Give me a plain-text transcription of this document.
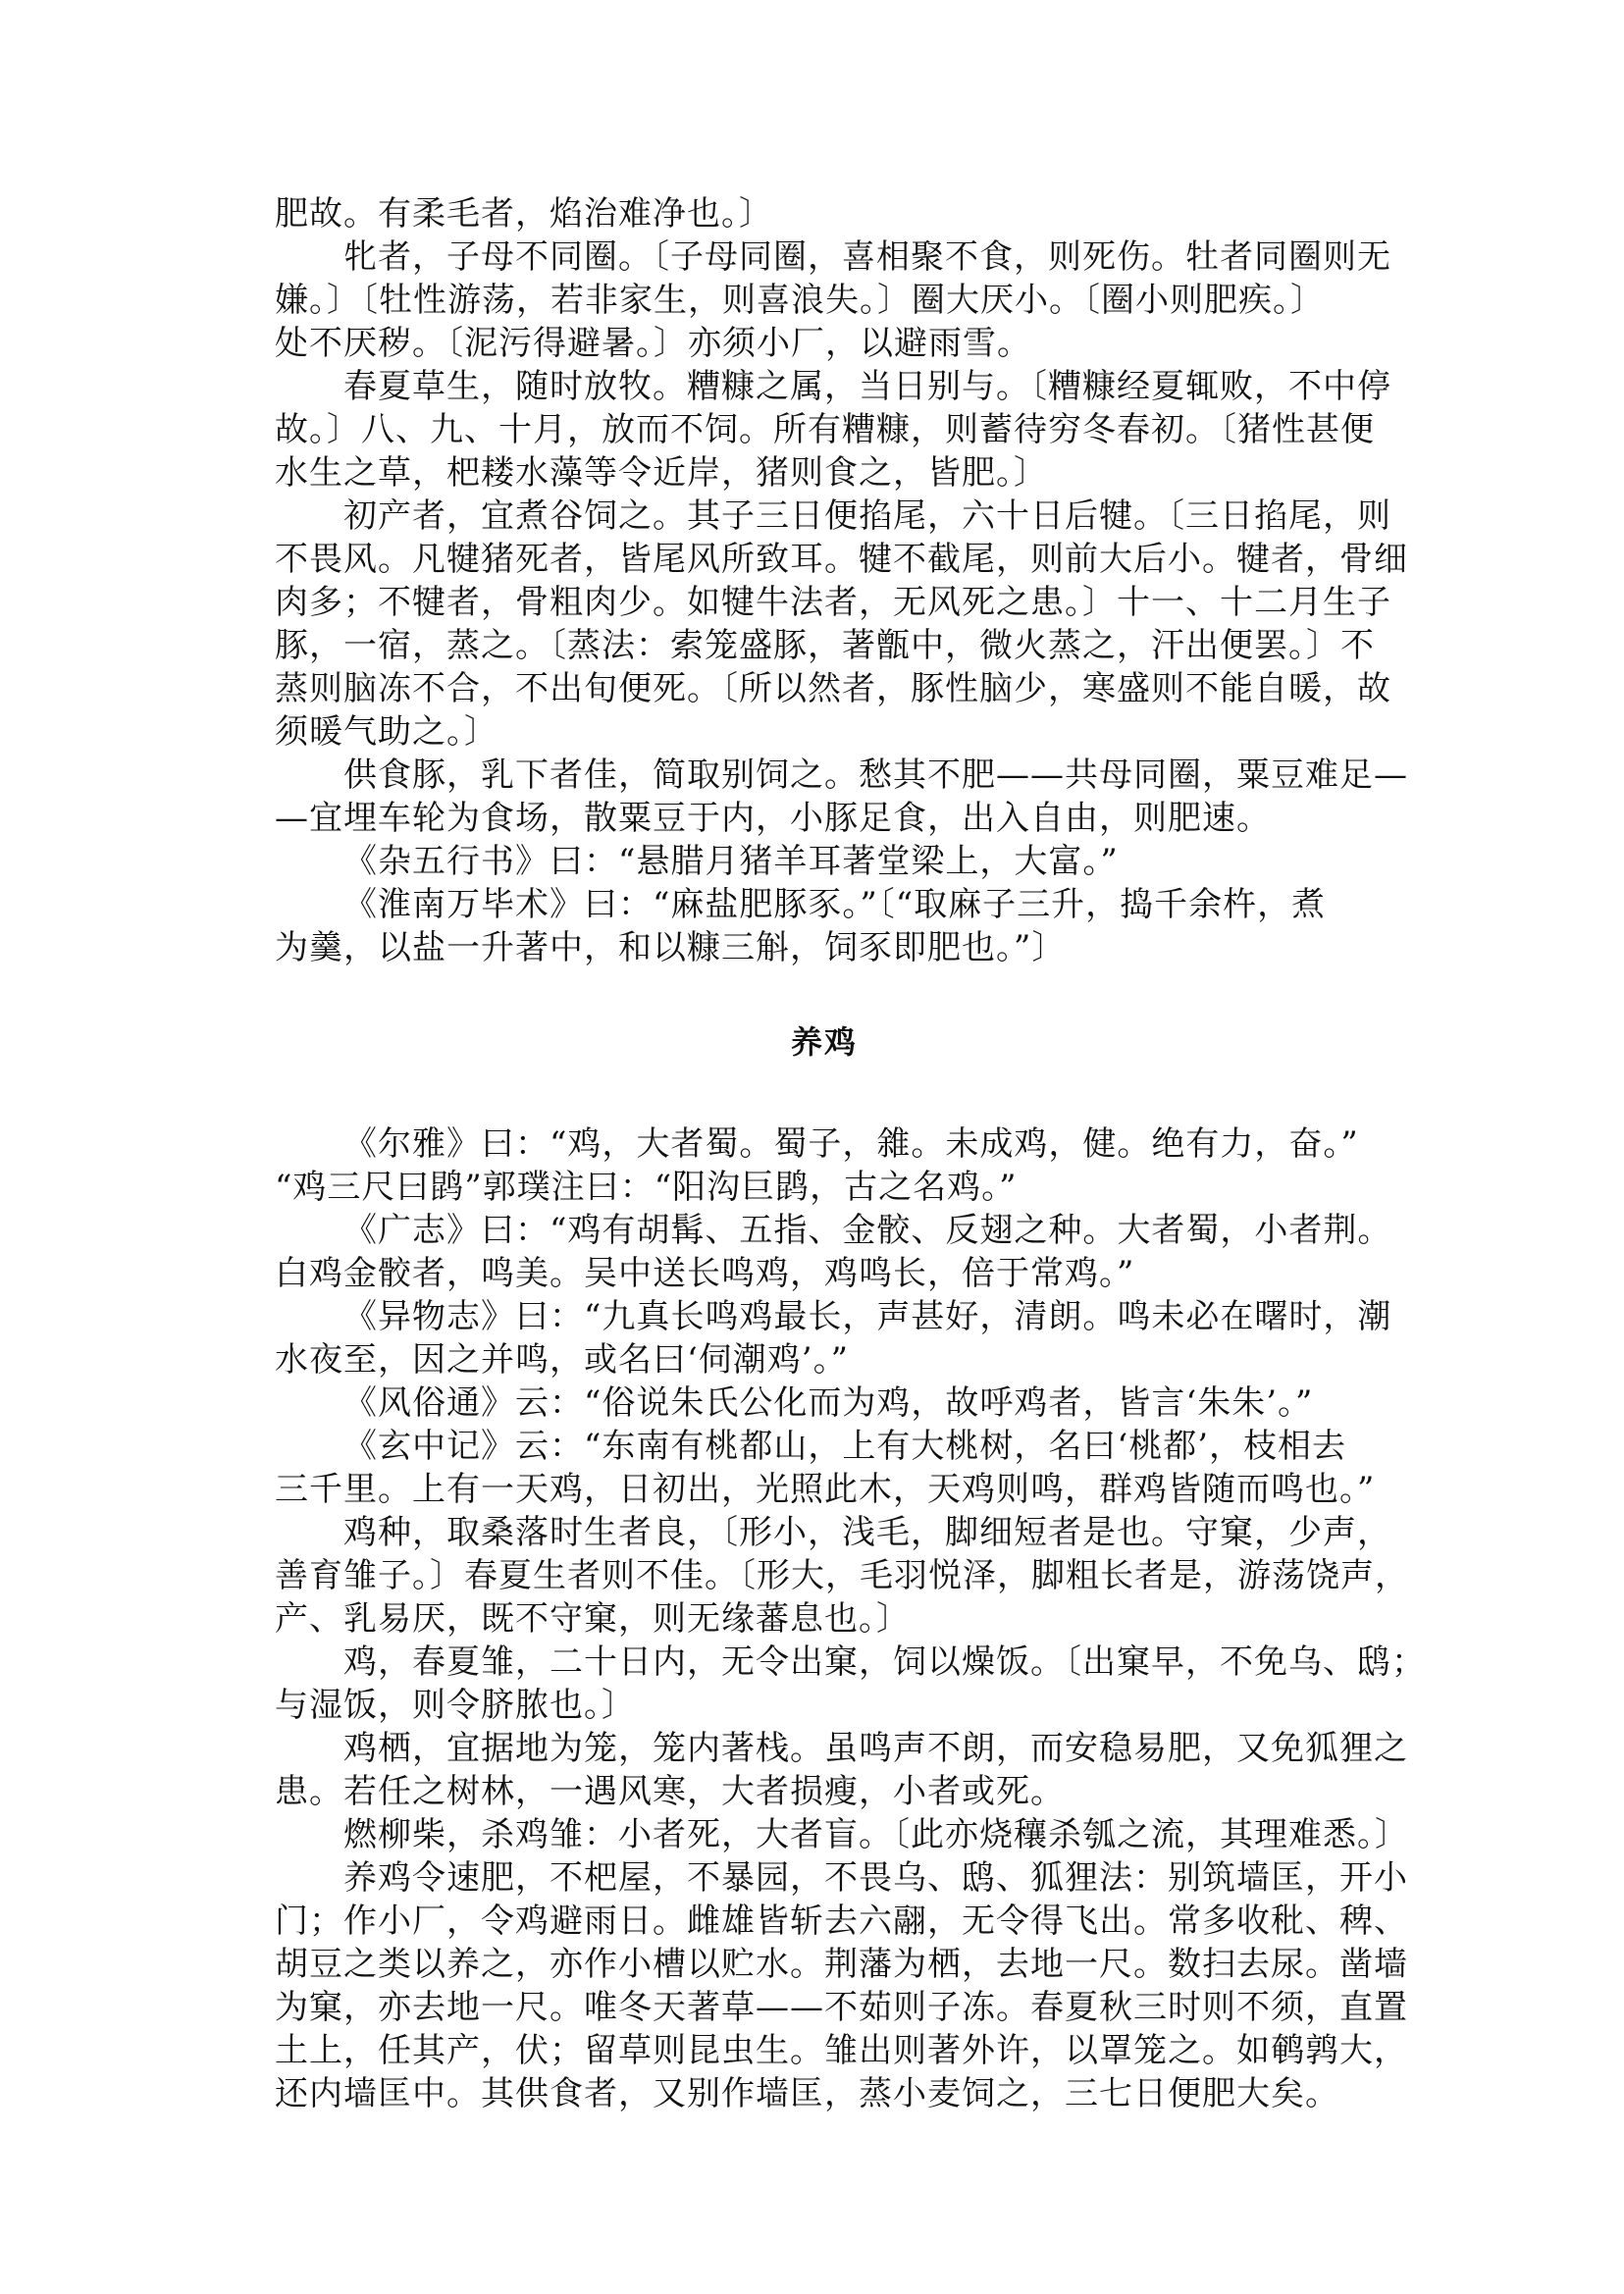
肥故。有柔毛者，焰治难净也。〕
牝者，子母不同圈。〔子母同圈，喜相聚不食，则死伤。牡者同圈则无
嫌。〕〔牡性游荡，若非家生，则喜浪失。〕圈大厌小。〔圈小则肥疾。〕
处不厌秽。〔泥污得避暑。〕亦须小厂，以避雨雪。
春夏草生，随时放牧。糟糠之属，当日别与。〔糟糠经夏辄败，不中停
故。〕八、九、十月，放而不饲。所有糟糠，则蓄待穷冬春初。〔猪性甚便
水生之草，杷耧水藻等令近岸，猪则食之，皆肥。〕
初产者，宜煮谷饲之。其子三日便掐尾，六十日后犍。〔三日掐尾，则
不畏风。凡犍猪死者，皆尾风所致耳。犍不截尾，则前大后小。犍者，骨细
肉多；不犍者，骨粗肉少。如犍牛法者，无风死之患。〕十一、十二月生子
豚，一宿，蒸之。〔蒸法：索笼盛豚，著甑中，微火蒸之，汗出便罢。〕不
蒸则脑冻不合，不出旬便死。〔所以然者，豚性脑少，寒盛则不能自暖，故
须暖气助之。〕
供食豚，乳下者佳，简取别饲之。愁其不肥——共母同圈，粟豆难足—
—宜埋车轮为食场，散粟豆于内，小豚足食，出入自由，则肥速。
《杂五行书》曰：“悬腊月猪羊耳著堂梁上，大富。”
《淮南万毕术》曰：“麻盐肥豚豕。”〔“取麻子三升，捣千余杵，煮
为羹，以盐一升著中，和以糠三斛，饲豕即肥也。”〕
养鸡
《尔雅》曰：“鸡，大者蜀。蜀子，雓。未成鸡，健。绝有力，奋。”
“鸡三尺曰鹍”郭璞注曰：“阳沟巨鹍，古之名鸡。”
《广志》曰：“鸡有胡髯、五指、金骹、反翅之种。大者蜀，小者荆。
白鸡金骹者，鸣美。吴中送长鸣鸡，鸡鸣长，倍于常鸡。”
《异物志》曰：“九真长鸣鸡最长，声甚好，清朗。鸣未必在曙时，潮
水夜至，因之并鸣，或名曰‘伺潮鸡’。”
《风俗通》云：“俗说朱氏公化而为鸡，故呼鸡者，皆言‘朱朱’。”
《玄中记》云：“东南有桃都山，上有大桃树，名曰‘桃都’，枝相去
三千里。上有一天鸡，日初出，光照此木，天鸡则鸣，群鸡皆随而鸣也。”
鸡种，取桑落时生者良，〔形小，浅毛，脚细短者是也。守窠，少声，
善育雏子。〕春夏生者则不佳。〔形大，毛羽悦泽，脚粗长者是，游荡饶声，
产、乳易厌，既不守窠，则无缘蕃息也。〕
鸡，春夏雏，二十日内，无令出窠，饲以燥饭。〔出窠早，不免乌、鸱；
与湿饭，则令脐脓也。〕
鸡栖，宜据地为笼，笼内著栈。虽鸣声不朗，而安稳易肥，又免狐狸之
患。若任之树林，一遇风寒，大者损瘦，小者或死。
燃柳柴，杀鸡雏：小者死，大者盲。〔此亦烧穰杀瓠之流，其理难悉。〕
养鸡令速肥，不杷屋，不暴园，不畏乌、鸱、狐狸法：别筑墙匡，开小
门；作小厂，令鸡避雨日。雌雄皆斩去六翮，无令得飞出。常多收秕、稗、
胡豆之类以养之，亦作小槽以贮水。荆藩为栖，去地一尺。数扫去尿。凿墙
为窠，亦去地一尺。唯冬天著草——不茹则子冻。春夏秋三时则不须，直置
土上，任其产，伏；留草则昆虫生。雏出则著外许，以罩笼之。如鹌鹑大，
还内墙匡中。其供食者，又别作墙匡，蒸小麦饲之，三七日便肥大矣。
